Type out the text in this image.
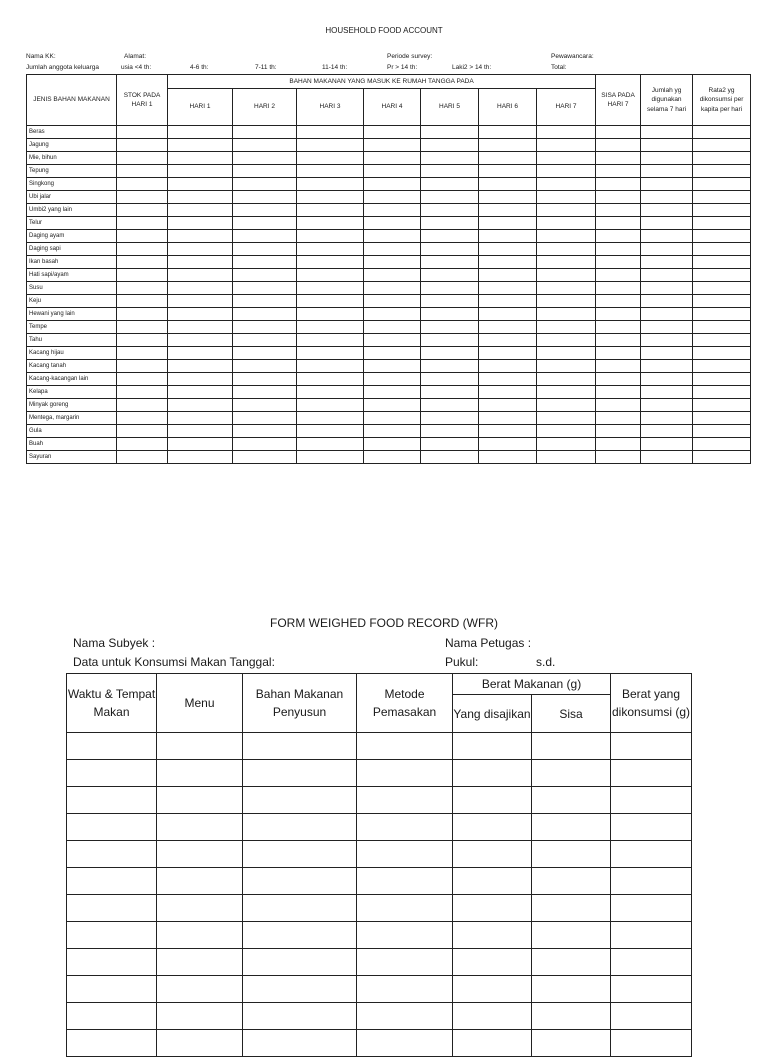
HOUSEHOLD FOOD ACCOUNT
Nama KK:	Alamat:	Periode survey:	Pewawancara:
Jumlah anggota keluarga	usia <4 th:	4-6 th:	7-11 th:	11-14 th:	Pr > 14 th:	Laki2 > 14 th:	Total:
JENIS BAHAN MAKANAN	STOK PADA HARI 1	BAHAN MAKANAN YANG MASUK KE RUMAH TANGGA PADA							SISA PADA HARI 7	Jumlah yg digunakan selama 7 hari	Rata2 yg dikonsumsi per kapita per hari
		HARI 1	HARI 2	HARI 3	HARI 4	HARI 5	HARI 6	HARI 7			
Beras											
Jagung											
Mie, bihun											
Tepung											
Singkong											
Ubi jalar											
Umbi2 yang lain											
Telur											
Daging ayam											
Daging sapi											
Ikan basah											
Hati sapi/ayam											
Susu											
Keju											
Hewani yang lain											
Tempe											
Tahu											
Kacang hijau											
Kacang tanah											
Kacang-kacangan lain											
Kelapa											
Minyak goreng											
Mentega, margarin											
Gula											
Buah											
Sayuran											
FORM WEIGHED FOOD RECORD (WFR)
Nama Subyek :	Nama Petugas :
Data untuk Konsumsi Makan Tanggal:	Pukul:	s.d.
Waktu & Tempat Makan	Menu	Bahan Makanan Penyusun	Metode Pemasakan	Berat Makanan (g)		Berat yang dikonsumsi (g)
				Yang disajikan	Sisa	
